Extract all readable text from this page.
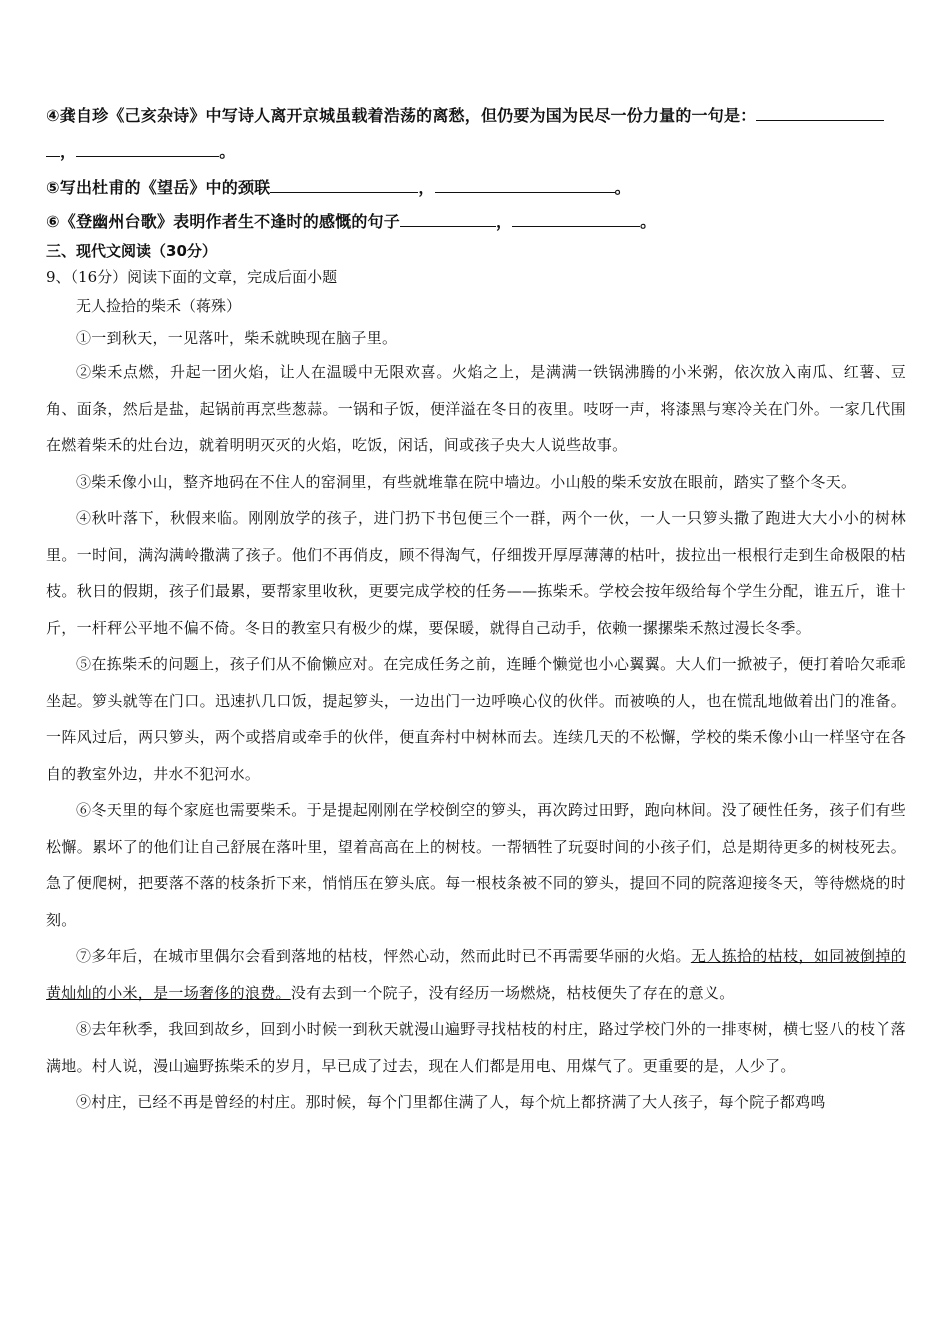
④龚自珍《己亥杂诗》中写诗人离开京城虽载着浩荡的离愁，但仍要为国为民尽一份力量的一句是：
，	。

⑤写出杜甫的《望岳》中的颈联	，	。

⑥《登幽州台歌》表明作者生不逢时的感慨的句子	，	。

三、现代文阅读（30分）

9、（16分）阅读下面的文章，完成后面小题

无人捡拾的柴禾（蒋殊）

①一到秋天，一见落叶，柴禾就映现在脑子里。

②柴禾点燃，升起一团火焰，让人在温暖中无限欢喜。火焰之上，是满满一铁锅沸腾的小米粥，依次放入南瓜、红薯、豆角、面条，然后是盐，起锅前再烹些葱蒜。一锅和子饭，便洋溢在冬日的夜里。吱呀一声，将漆黑与寒冷关在门外。一家几代围在燃着柴禾的灶台边，就着明明灭灭的火焰，吃饭，闲话，间或孩子央大人说些故事。

③柴禾像小山，整齐地码在不住人的窑洞里，有些就堆靠在院中墙边。小山般的柴禾安放在眼前，踏实了整个冬天。

④秋叶落下，秋假来临。刚刚放学的孩子，进门扔下书包便三个一群，两个一伙，一人一只箩头撒了跑进大大小小的树林里。一时间，满沟满岭撒满了孩子。他们不再俏皮，顾不得淘气，仔细拨开厚厚薄薄的枯叶，拔拉出一根根行走到生命极限的枯枝。秋日的假期，孩子们最累，要帮家里收秋，更要完成学校的任务——拣柴禾。学校会按年级给每个学生分配，谁五斤，谁十斤，一杆秤公平地不偏不倚。冬日的教室只有极少的煤，要保暖，就得自己动手，依赖一摞摞柴禾熬过漫长冬季。

⑤在拣柴禾的问题上，孩子们从不偷懒应对。在完成任务之前，连睡个懒觉也小心翼翼。大人们一掀被子，便打着哈欠乖乖坐起。箩头就等在门口。迅速扒几口饭，提起箩头，一边出门一边呼唤心仪的伙伴。而被唤的人，也在慌乱地做着出门的准备。一阵风过后，两只箩头，两个或搭肩或牵手的伙伴，便直奔村中树林而去。连续几天的不松懈，学校的柴禾像小山一样坚守在各自的教室外边，井水不犯河水。

⑥冬天里的每个家庭也需要柴禾。于是提起刚刚在学校倒空的箩头，再次跨过田野，跑向林间。没了硬性任务，孩子们有些松懈。累坏了的他们让自己舒展在落叶里，望着高高在上的树枝。一帮牺牲了玩耍时间的小孩子们，总是期待更多的树枝死去。急了便爬树，把要落不落的枝条折下来，悄悄压在箩头底。每一根枝条被不同的箩头，提回不同的院落迎接冬天，等待燃烧的时刻。

⑦多年后，在城市里偶尔会看到落地的枯枝，怦然心动，然而此时已不再需要华丽的火焰。无人拣拾的枯枝，如同被倒掉的黄灿灿的小米，是一场奢侈的浪费。没有去到一个院子，没有经历一场燃烧，枯枝便失了存在的意义。

⑧去年秋季，我回到故乡，回到小时候一到秋天就漫山遍野寻找枯枝的村庄，路过学校门外的一排枣树，横七竖八的枝丫落满地。村人说，漫山遍野拣柴禾的岁月，早已成了过去，现在人们都是用电、用煤气了。更重要的是，人少了。

⑨村庄，已经不再是曾经的村庄。那时候，每个门里都住满了人，每个炕上都挤满了大人孩子，每个院子都鸡鸣
